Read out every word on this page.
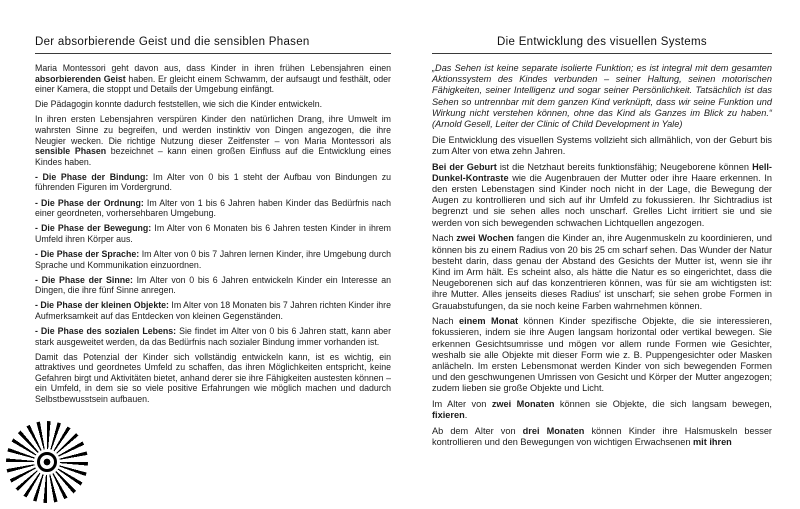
Der absorbierende Geist und die sensiblen Phasen

Maria Montessori geht davon aus, dass Kinder in ihren frühen Lebensjahren einen absorbierenden Geist haben. Er gleicht einem Schwamm, der aufsaugt und festhält, oder einer Kamera, die stoppt und Details der Umgebung einfängt.

Die Pädagogin konnte dadurch feststellen, wie sich die Kinder entwickeln.

In ihren ersten Lebensjahren verspüren Kinder den natürlichen Drang, ihre Umwelt im wahrsten Sinne zu begreifen, und werden instinktiv von Dingen angezogen, die ihre Neugier wecken. Die richtige Nutzung dieser Zeitfenster – von Maria Montessori als sensible Phasen bezeichnet – kann einen großen Einfluss auf die Entwicklung eines Kindes haben.

- Die Phase der Bindung: Im Alter von 0 bis 1 steht der Aufbau von Bindungen zu führenden Figuren im Vordergrund.

- Die Phase der Ordnung: Im Alter von 1 bis 6 Jahren haben Kinder das Bedürfnis nach einer geordneten, vorhersehbaren Umgebung.

- Die Phase der Bewegung: Im Alter von 6 Monaten bis 6 Jahren testen Kinder in ihrem Umfeld ihren Körper aus.

- Die Phase der Sprache: Im Alter von 0 bis 7 Jahren lernen Kinder, ihre Umgebung durch Sprache und Kommunikation einzuordnen.

- Die Phase der Sinne: Im Alter von 0 bis 6 Jahren entwickeln Kinder ein Interesse an Dingen, die ihre fünf Sinne anregen.

- Die Phase der kleinen Objekte: Im Alter von 18 Monaten bis 7 Jahren richten Kinder ihre Aufmerksamkeit auf das Entdecken von kleinen Gegenständen.

- Die Phase des sozialen Lebens: Sie findet im Alter von 0 bis 6 Jahren statt, kann aber stark ausgeweitet werden, da das Bedürfnis nach sozialer Bindung immer vorhanden ist.

Damit das Potenzial der Kinder sich vollständig entwickeln kann, ist es wichtig, ein attraktives und geordnetes Umfeld zu schaffen, das ihren Möglichkeiten entspricht, keine Gefahren birgt und Aktivitäten bietet, anhand derer sie ihre Fähigkeiten austesten können – ein Umfeld, in dem sie so viele positive Erfahrungen wie möglich machen und dadurch Selbstbewusstsein aufbauen.

Die Entwicklung des visuellen Systems

„Das Sehen ist keine separate isolierte Funktion; es ist integral mit dem gesamten Aktionssystem des Kindes verbunden – seiner Haltung, seinen motorischen Fähigkeiten, seiner Intelligenz und sogar seiner Persönlichkeit. Tatsächlich ist das Sehen so untrennbar mit dem ganzen Kind verknüpft, dass wir seine Funktion und Wirkung nicht verstehen können, ohne das Kind als Ganzes im Blick zu haben.“ (Arnold Gesell, Leiter der Clinic of Child Development in Yale)

Die Entwicklung des visuellen Systems vollzieht sich allmählich, von der Geburt bis zum Alter von etwa zehn Jahren.

Bei der Geburt ist die Netzhaut bereits funktionsfähig; Neugeborene können Hell-Dunkel-Kontraste wie die Augenbrauen der Mutter oder ihre Haare erkennen. In den ersten Lebenstagen sind Kinder noch nicht in der Lage, die Bewegung der Augen zu kontrollieren und sich auf ihr Umfeld zu fokussieren. Ihr Sichtradius ist begrenzt und sie sehen alles noch unscharf. Grelles Licht irritiert sie und sie werden von sich bewegenden schwachen Lichtquellen angezogen.

Nach zwei Wochen fangen die Kinder an, ihre Augenmuskeln zu koordinieren, und können bis zu einem Radius von 20 bis 25 cm scharf sehen. Das Wunder der Natur besteht darin, dass genau der Abstand des Gesichts der Mutter ist, wenn sie ihr Kind im Arm hält. Es scheint also, als hätte die Natur es so eingerichtet, dass die Neugeborenen sich auf das konzentrieren können, was für sie am wichtigsten ist: ihre Mutter. Alles jenseits dieses Radius' ist unscharf; sie sehen grobe Formen in Grauabstufungen, da sie noch keine Farben wahrnehmen können.

Nach einem Monat können Kinder spezifische Objekte, die sie interessieren, fokussieren, indem sie ihre Augen langsam horizontal oder vertikal bewegen. Sie erkennen Gesichtsumrisse und mögen vor allem runde Formen wie Gesichter, weshalb sie alle Objekte mit dieser Form wie z. B. Puppengesichter oder Masken anlächeln. Im ersten Lebensmonat werden Kinder von sich bewegenden Formen und den geschwungenen Umrissen von Gesicht und Körper der Mutter angezogen; zudem lieben sie große Objekte und Licht.

Im Alter von zwei Monaten können sie Objekte, die sich langsam bewegen, fixieren.

Ab dem Alter von drei Monaten können Kinder ihre Halsmuskeln besser kontrollieren und den Bewegungen von wichtigen Erwachsenen mit ihren
